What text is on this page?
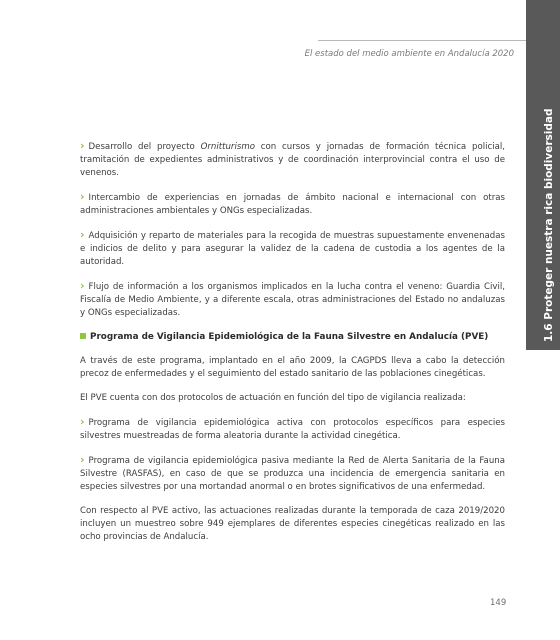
El estado del medio ambiente en Andalucía 2020
1.6 Proteger nuestra rica biodiversidad
› Desarrollo del proyecto Ornitturismo con cursos y jornadas de formación técnica policial, tramitación de expedientes administrativos y de coordinación interprovincial contra el uso de venenos.
› Intercambio de experiencias en jornadas de ámbito nacional e internacional con otras administraciones ambientales y ONGs especializadas.
› Adquisición y reparto de materiales para la recogida de muestras supuestamente envenenadas e indicios de delito y para asegurar la validez de la cadena de custodia a los agentes de la autoridad.
› Flujo de información a los organismos implicados en la lucha contra el veneno: Guardia Civil, Fiscalía de Medio Ambiente, y a diferente escala, otras administraciones del Estado no andaluzas y ONGs especializadas.
Programa de Vigilancia Epidemiológica de la Fauna Silvestre en Andalucía (PVE)
A través de este programa, implantado en el año 2009, la CAGPDS lleva a cabo la detección precoz de enfermedades y el seguimiento del estado sanitario de las poblaciones cinegéticas.
El PVE cuenta con dos protocolos de actuación en función del tipo de vigilancia realizada:
› Programa de vigilancia epidemiológica activa con protocolos específicos para especies silvestres muestreadas de forma aleatoria durante la actividad cinegética.
› Programa de vigilancia epidemiológica pasiva mediante la Red de Alerta Sanitaria de la Fauna Silvestre (RASFAS), en caso de que se produzca una incidencia de emergencia sanitaria en especies silvestres por una mortandad anormal o en brotes significativos de una enfermedad.
Con respecto al PVE activo, las actuaciones realizadas durante la temporada de caza 2019/2020 incluyen un muestreo sobre 949 ejemplares de diferentes especies cinegéticas realizado en las ocho provincias de Andalucía.
149
